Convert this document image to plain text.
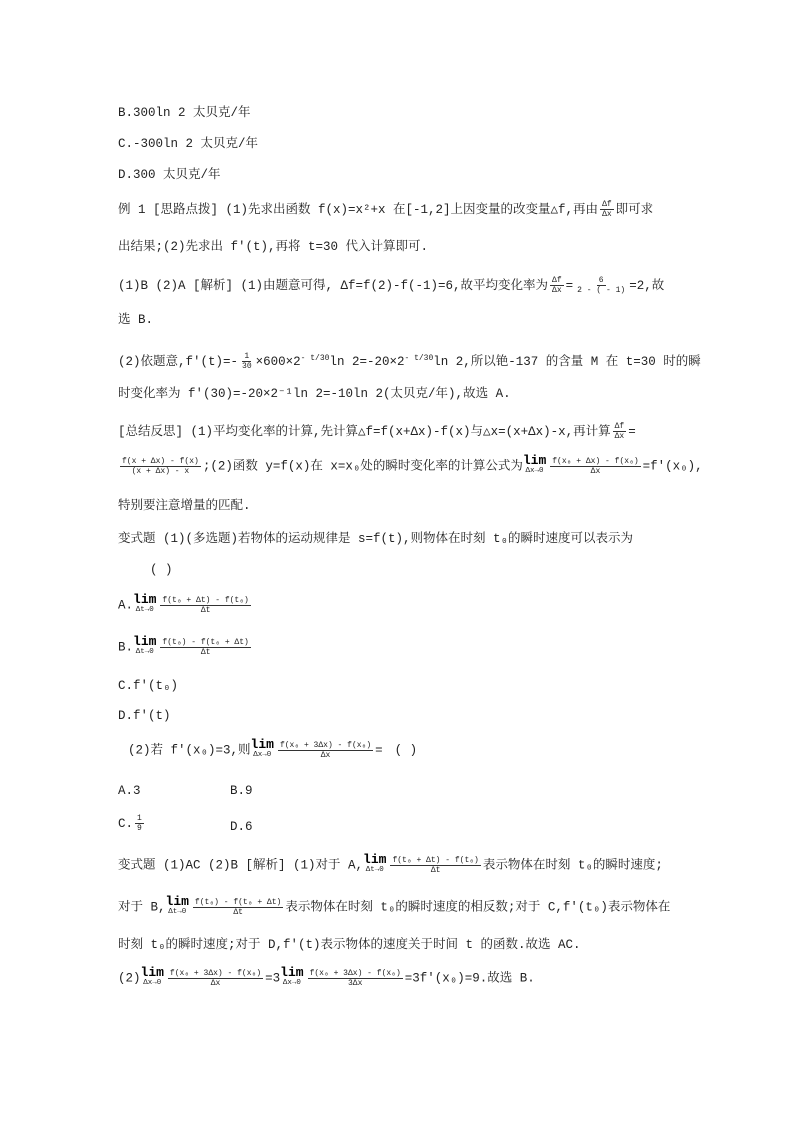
B.300ln 2 太贝克/年
C.-300ln 2 太贝克/年
D.300 太贝克/年
例 1 [思路点拨] (1)先求出函数 f(x)=x²+x 在[-1,2]上因变量的改变量△f,再由 $\frac{\Delta f}{\Delta x}$ 即可求
出结果;(2)先求出 f'(t),再将 t=30 代入计算即可.
(1)B (2)A [解析] (1)由题意可得, Δf=f(2)-f(-1)=6,故平均变化率为 $\frac{\Delta f}{\Delta x} = \frac{6}{2 - ( - 1)} =2$,故
选 B.
(2)依题意$,f'(t)=- \frac{1}{30} \times 600\times 2^{- t/30}\ln$ $2=-20\times 2^{- t/30}\ln$ 2,所以铯-137 的含量 M 在 t=30 时的瞬
时变化率为 f'(30)=-20×2⁻¹ln 2=-10ln 2(太贝克/年),故选 A.
[总结反思] (1)平均变化率的计算,先计算△f=f(x+Δx)-f(x)与△x=(x+Δx)-x,再计算 $\frac{\Delta f}{\Delta x}$ =
$\frac{f(x + \Delta x) - f(x)}{(x + \Delta x) - x}$ ;(2)函数 y=f(x)在 x=x₀处的瞬时变化率的计算公式为 lim
$\Delta x\to 0 \frac{\text{f(x₀ + Δx) - f(x₀)}}{\Delta x} =f'(x_0)$,
特别要注意增量的匹配.
变式题 (1)(多选题)若物体的运动规律是 s=f(t),则物体在时刻 t₀的瞬时速度可以表示为
( )
A. lim
$\Delta t\to 0 \frac{\text{f(t₀ + Δt) - f(t₀)}}{\Delta t}$
B. lim
$\Delta t\to 0 \frac{\text{f(t₀) - f(t₀ + Δt)}}{\Delta t}$
C.f'(t₀)
D.f'(t)
(2)若 f'(x₀)=3,则 lim
$\Delta x\to 0 \frac{\text{f(x₀ + 3Δx) - f(x₀)}}{\Delta x}$ = ( )
A.3	B.9
C. $\frac{1}{9}$	D.6
变式题 (1)AC (2)B [解析] (1)对于 A, lim
$\Delta t\to 0 \frac{\text{f(t₀ + Δt) - f(t₀)}}{\Delta t}$ 表示物体在时刻 t₀的瞬时速度;
对于 B, lim
$\Delta t\to 0 \frac{\text{f(t₀) - f(t₀ + Δt)}}{\Delta t}$ 表示物体在时刻 t₀的瞬时速度的相反数;对于 C,f'(t₀)表示物体在
时刻 t₀的瞬时速度;对于 D,f'(t)表示物体的速度关于时间 t 的函数.故选 AC.
(2) lim
$\Delta x\to 0 \frac{\text{f(x₀ + 3Δx) - f(x₀)}}{\Delta x} =3$ lim
$\Delta x\to 0 \frac{\text{f(x₀ + 3Δx) - f(x₀)}}{3\Delta x} =3f'(x_0)=9$.故选 B.
